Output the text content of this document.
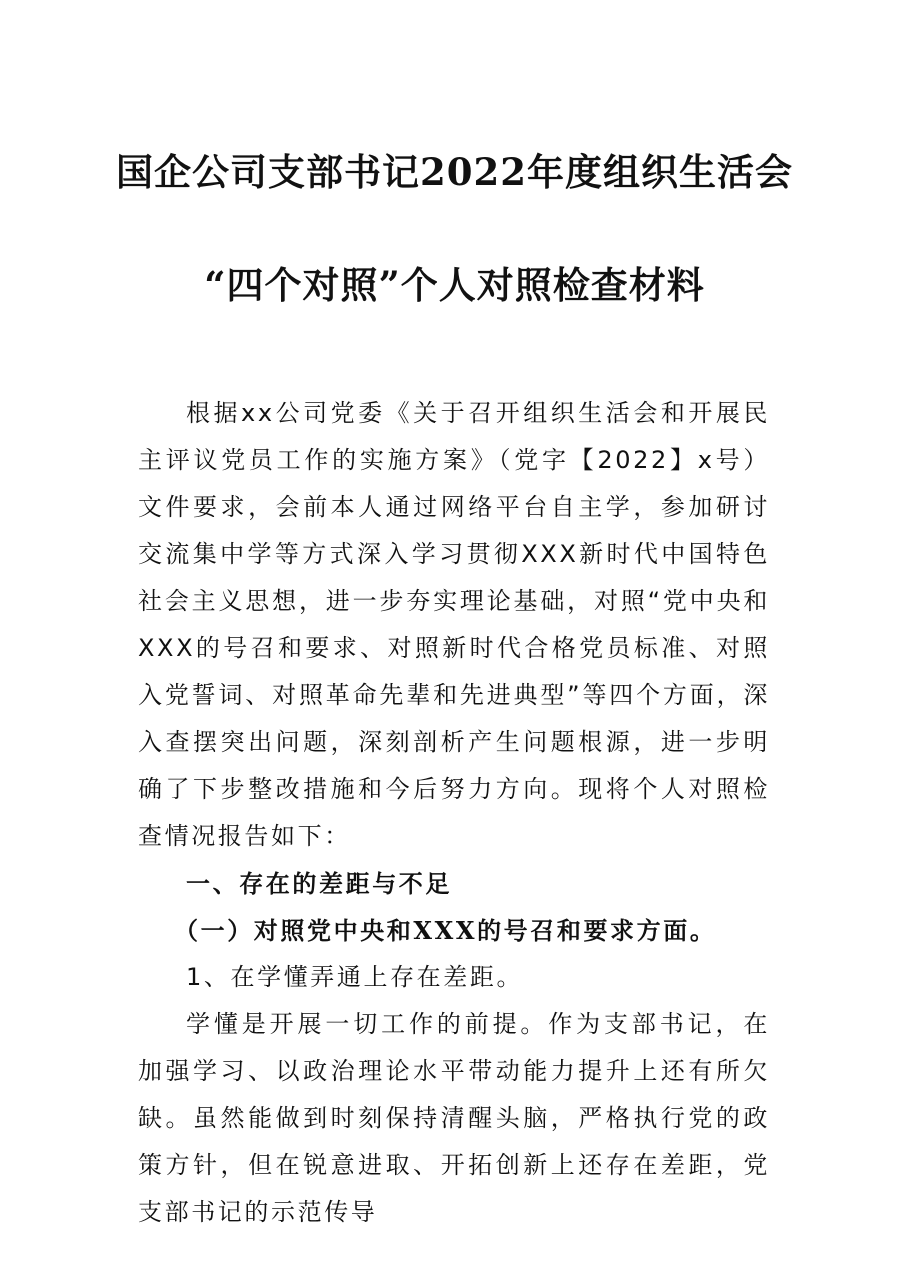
国企公司支部书记2022年度组织生活会
“四个对照”个人对照检查材料

根据xx公司党委《关于召开组织生活会和开展民主评议党员工作的实施方案》（党字【2022】x号）文件要求，会前本人通过网络平台自主学，参加研讨交流集中学等方式深入学习贯彻XXX新时代中国特色社会主义思想，进一步夯实理论基础，对照“党中央和XXX的号召和要求、对照新时代合格党员标准、对照入党誓词、对照革命先辈和先进典型”等四个方面，深入查摆突出问题，深刻剖析产生问题根源，进一步明确了下步整改措施和今后努力方向。现将个人对照检查情况报告如下：

一、存在的差距与不足

（一）对照党中央和XXX的号召和要求方面。

1、在学懂弄通上存在差距。

学懂是开展一切工作的前提。作为支部书记，在加强学习、以政治理论水平带动能力提升上还有所欠缺。虽然能做到时刻保持清醒头脑，严格执行党的政策方针，但在锐意进取、开拓创新上还存在差距，党支部书记的示范传导
